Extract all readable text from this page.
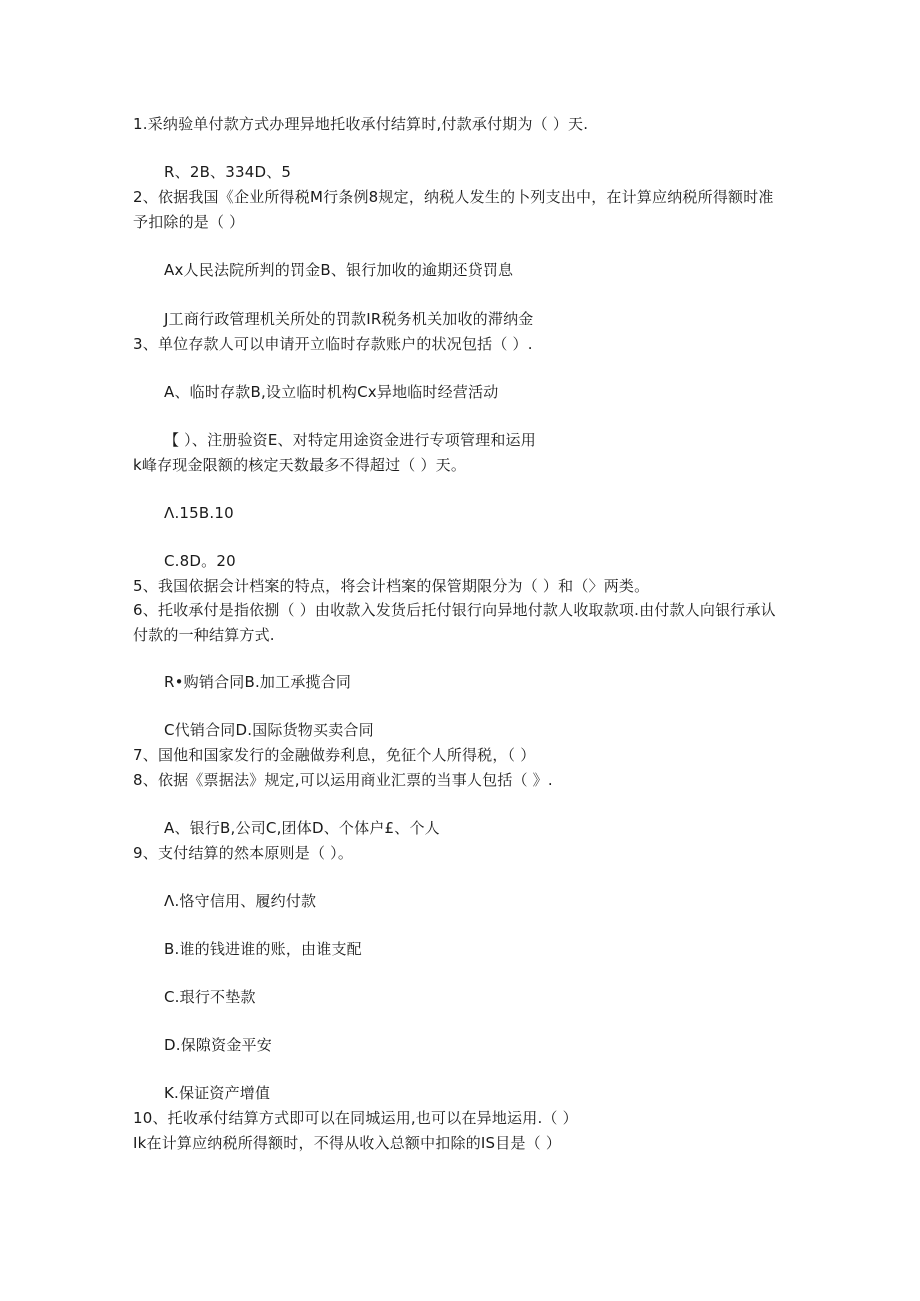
1.采纳验单付款方式办理异地托收承付结算时,付款承付期为（ ）天.
R、2B、334D、5
2、依据我国《企业所得税M行条例8规定，纳税人发生的卜列支出中，在计算应纳税所得额时准
予扣除的是（ ）
Ax人民法院所判的罚金B、银行加收的逾期还贷罚息
J工商行政管理机关所处的罚款IR税务机关加收的滞纳金
3、单位存款人可以申请开立临时存款账户的状况包括（ ）.
A、临时存款B,设立临时机构Cx异地临时经营活动
【 ）、注册验资E、对特定用途资金进行专项管理和运用
k峰存现金限额的核定天数最多不得超过（ ）天。
Λ.15B.10
C.8D。20
5、我国依据会计档案的特点，将会计档案的保管期限分为（ ）和（〉两类。
6、托收承付是指依捌（ ）由收款入发货后托付银行向异地付款人收取款项.由付款人向银行承认
付款的一种结算方式.
R•购销合同B.加工承揽合同
C代销合同D.国际货物买卖合同
7、国他和国家发行的金融做券利息，免征个人所得税，（ ）
8、依据《票据法》规定,可以运用商业汇票的当事人包括（ 》.
A、银行B,公司C,团体D、个体户£、个人
9、支付结算的然本原则是（ ）。
Λ.恪守信用、履约付款
B.谁的钱进谁的账，由谁支配
C.珢行不垫款
D.保隙资金平安
K.保证资产增值
10、托收承付结算方式即可以在同城运用,也可以在异地运用.（ ）
Ik在计算应纳税所得额时，不得从收入总额中扣除的IS目是（ ）
